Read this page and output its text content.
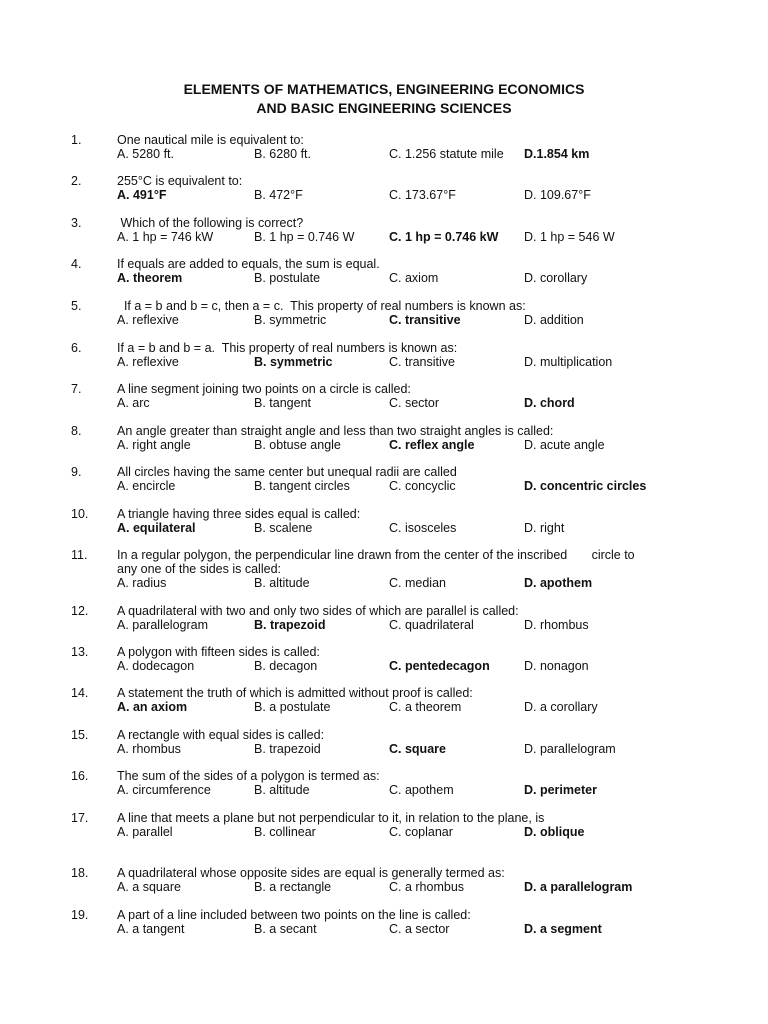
ELEMENTS OF MATHEMATICS, ENGINEERING ECONOMICS
AND BASIC ENGINEERING SCIENCES
1.	One nautical mile is equivalent to:
A. 5280 ft.	B. 6280 ft.	C. 1.256 statute mile D.1.854 km
2.	255°C is equivalent to:
A. 491°F	B. 472°F	C. 173.67°F	D. 109.67°F
3.	Which of the following is correct?
A. 1 hp = 746 kW	B. 1 hp = 0.746 W	C. 1 hp = 0.746 kW D. 1 hp = 546 W
4.	If equals are added to equals, the sum is equal.
A. theorem	B. postulate	C. axiom	D. corollary
5.	If a = b and b = c, then a = c.  This property of real numbers is known as:
A. reflexive	B. symmetric	C. transitive	D. addition
6.	If a = b and b = a.  This property of real numbers is known as:
A. reflexive	B. symmetric	C. transitive	D. multiplication
7.	A line segment joining two points on a circle is called:
A. arc	B. tangent	C. sector	D. chord
8.	An angle greater than straight angle and less than two straight angles is called:
A. right angle	B. obtuse angle	C. reflex angle	D. acute angle
9.	All circles having the same center but unequal radii are called
A. encircle	B. tangent circles	C. concyclic	D. concentric circles
10. A triangle having three sides equal is called:
A. equilateral	B. scalene	C. isosceles	D. right
11. In a regular polygon, the perpendicular line drawn from the center of the inscribed       circle to
any one of the sides is called:
A. radius	B. altitude	C. median	D. apothem
12. A quadrilateral with two and only two sides of which are parallel is called:
A. parallelogram	B. trapezoid	C. quadrilateral	D. rhombus
13. A polygon with fifteen sides is called:
A. dodecagon	B. decagon	C. pentedecagon	D. nonagon
14. A statement the truth of which is admitted without proof is called:
A. an axiom	B. a postulate	C. a theorem	D. a corollary
15. A rectangle with equal sides is called:
A. rhombus	B. trapezoid	C. square	D. parallelogram
16. The sum of the sides of a polygon is termed as:
A. circumference	B. altitude	C. apothem	D. perimeter
17. A line that meets a plane but not perpendicular to it, in relation to the plane, is
A. parallel	B. collinear	C. coplanar	D. oblique
18. A quadrilateral whose opposite sides are equal is generally termed as:
A. a square	B. a rectangle	C. a rhombus	D. a parallelogram
19. A part of a line included between two points on the line is called:
A. a tangent	B. a secant	C. a sector	D. a segment
